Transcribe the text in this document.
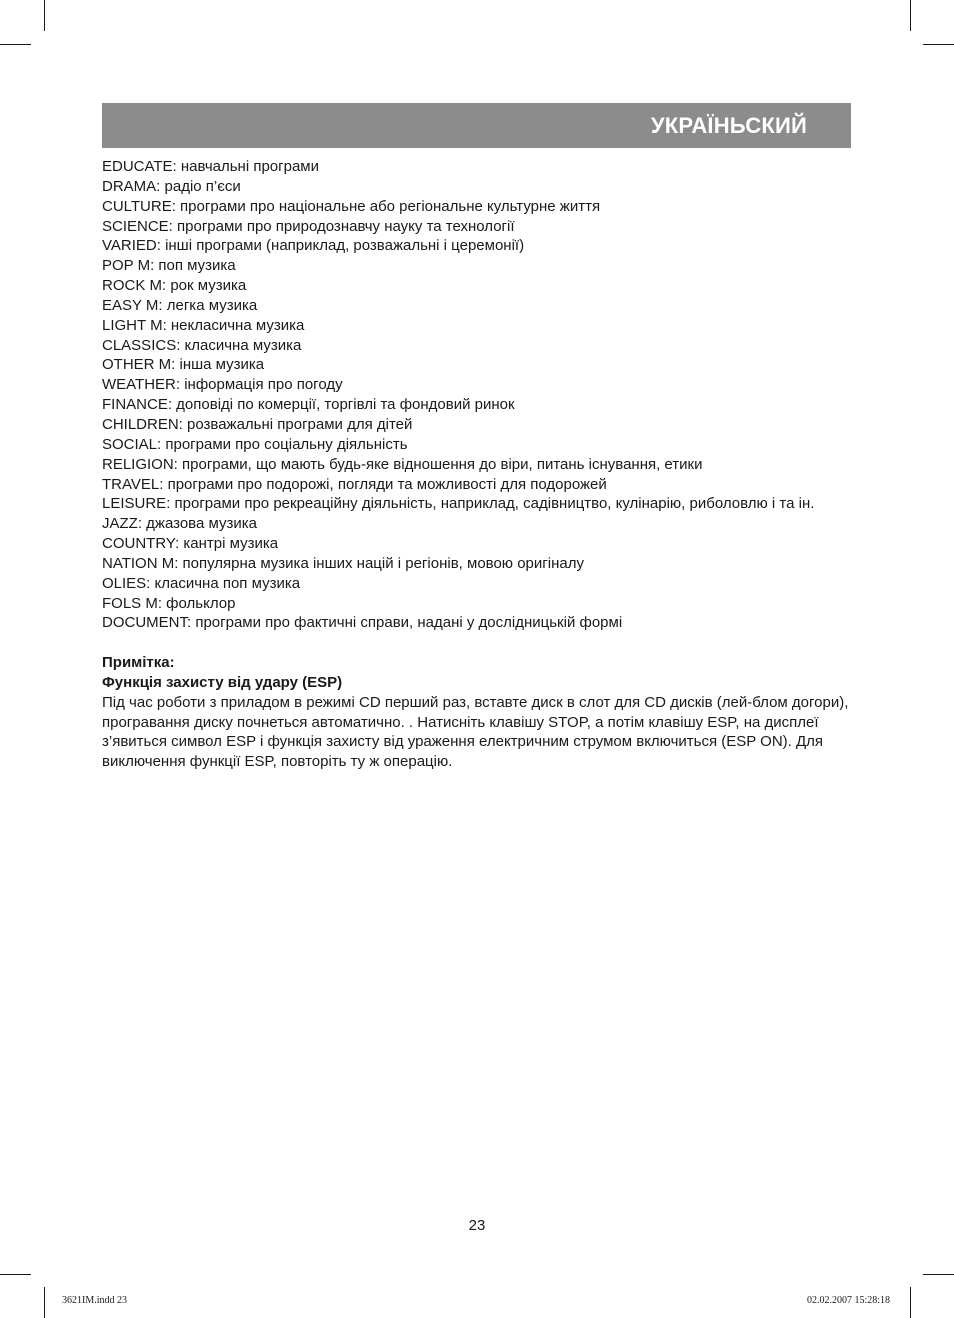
УКРАЇНЬСКИЙ

EDUCATE: навчальні програми

DRAMA: радіо п’єси

CULTURE: програми про національне або регіональне культурне життя

SCIENCE: програми про природознавчу науку та технології

VARIED: інші програми (наприклад, розважальні і церемонії)

POP M: поп музика

ROCK M: рок музика

EASY M: легка музика

LIGHT M: некласична музика

CLASSICS: класична музика

OTHER M: інша музика

WEATHER: інформація про погоду

FINANCE: доповіді по комерції, торгівлі та фондовий ринок

CHILDREN: розважальні програми для дітей

SOCIAL: програми про соціальну діяльність

RELIGION: програми, що мають будь-яке відношення до віри, питань існування, етики

TRAVEL: програми про подорожі, погляди та можливості для подорожей

LEISURE: програми про рекреаційну діяльність, наприклад, садівництво, кулінарію, риболовлю і та ін.

JAZZ: джазова музика

COUNTRY: кантрі музика

NATION M: популярна музика інших націй і регіонів, мовою оригіналу

OLIES: класична поп музика

FOLS M: фольклор

DOCUMENT: програми про фактичні справи, надані у дослідницькій формі

Примітка:

Функція захисту від удару (ESP)

Під час роботи з приладом в режимі CD перший раз, вставте диск в слот для CD дисків (лей-блом догори), програвання диску почнеться автоматично. . Натисніть клавішу STOP, а потім клавішу ESP, на дисплеї з’явиться символ ESP і функція захисту від ураження електричним струмом включиться (ESP ON). Для виключення функції ESP, повторіть ту ж операцію.

23
3621IM.indd 23	02.02.2007 15:28:18
